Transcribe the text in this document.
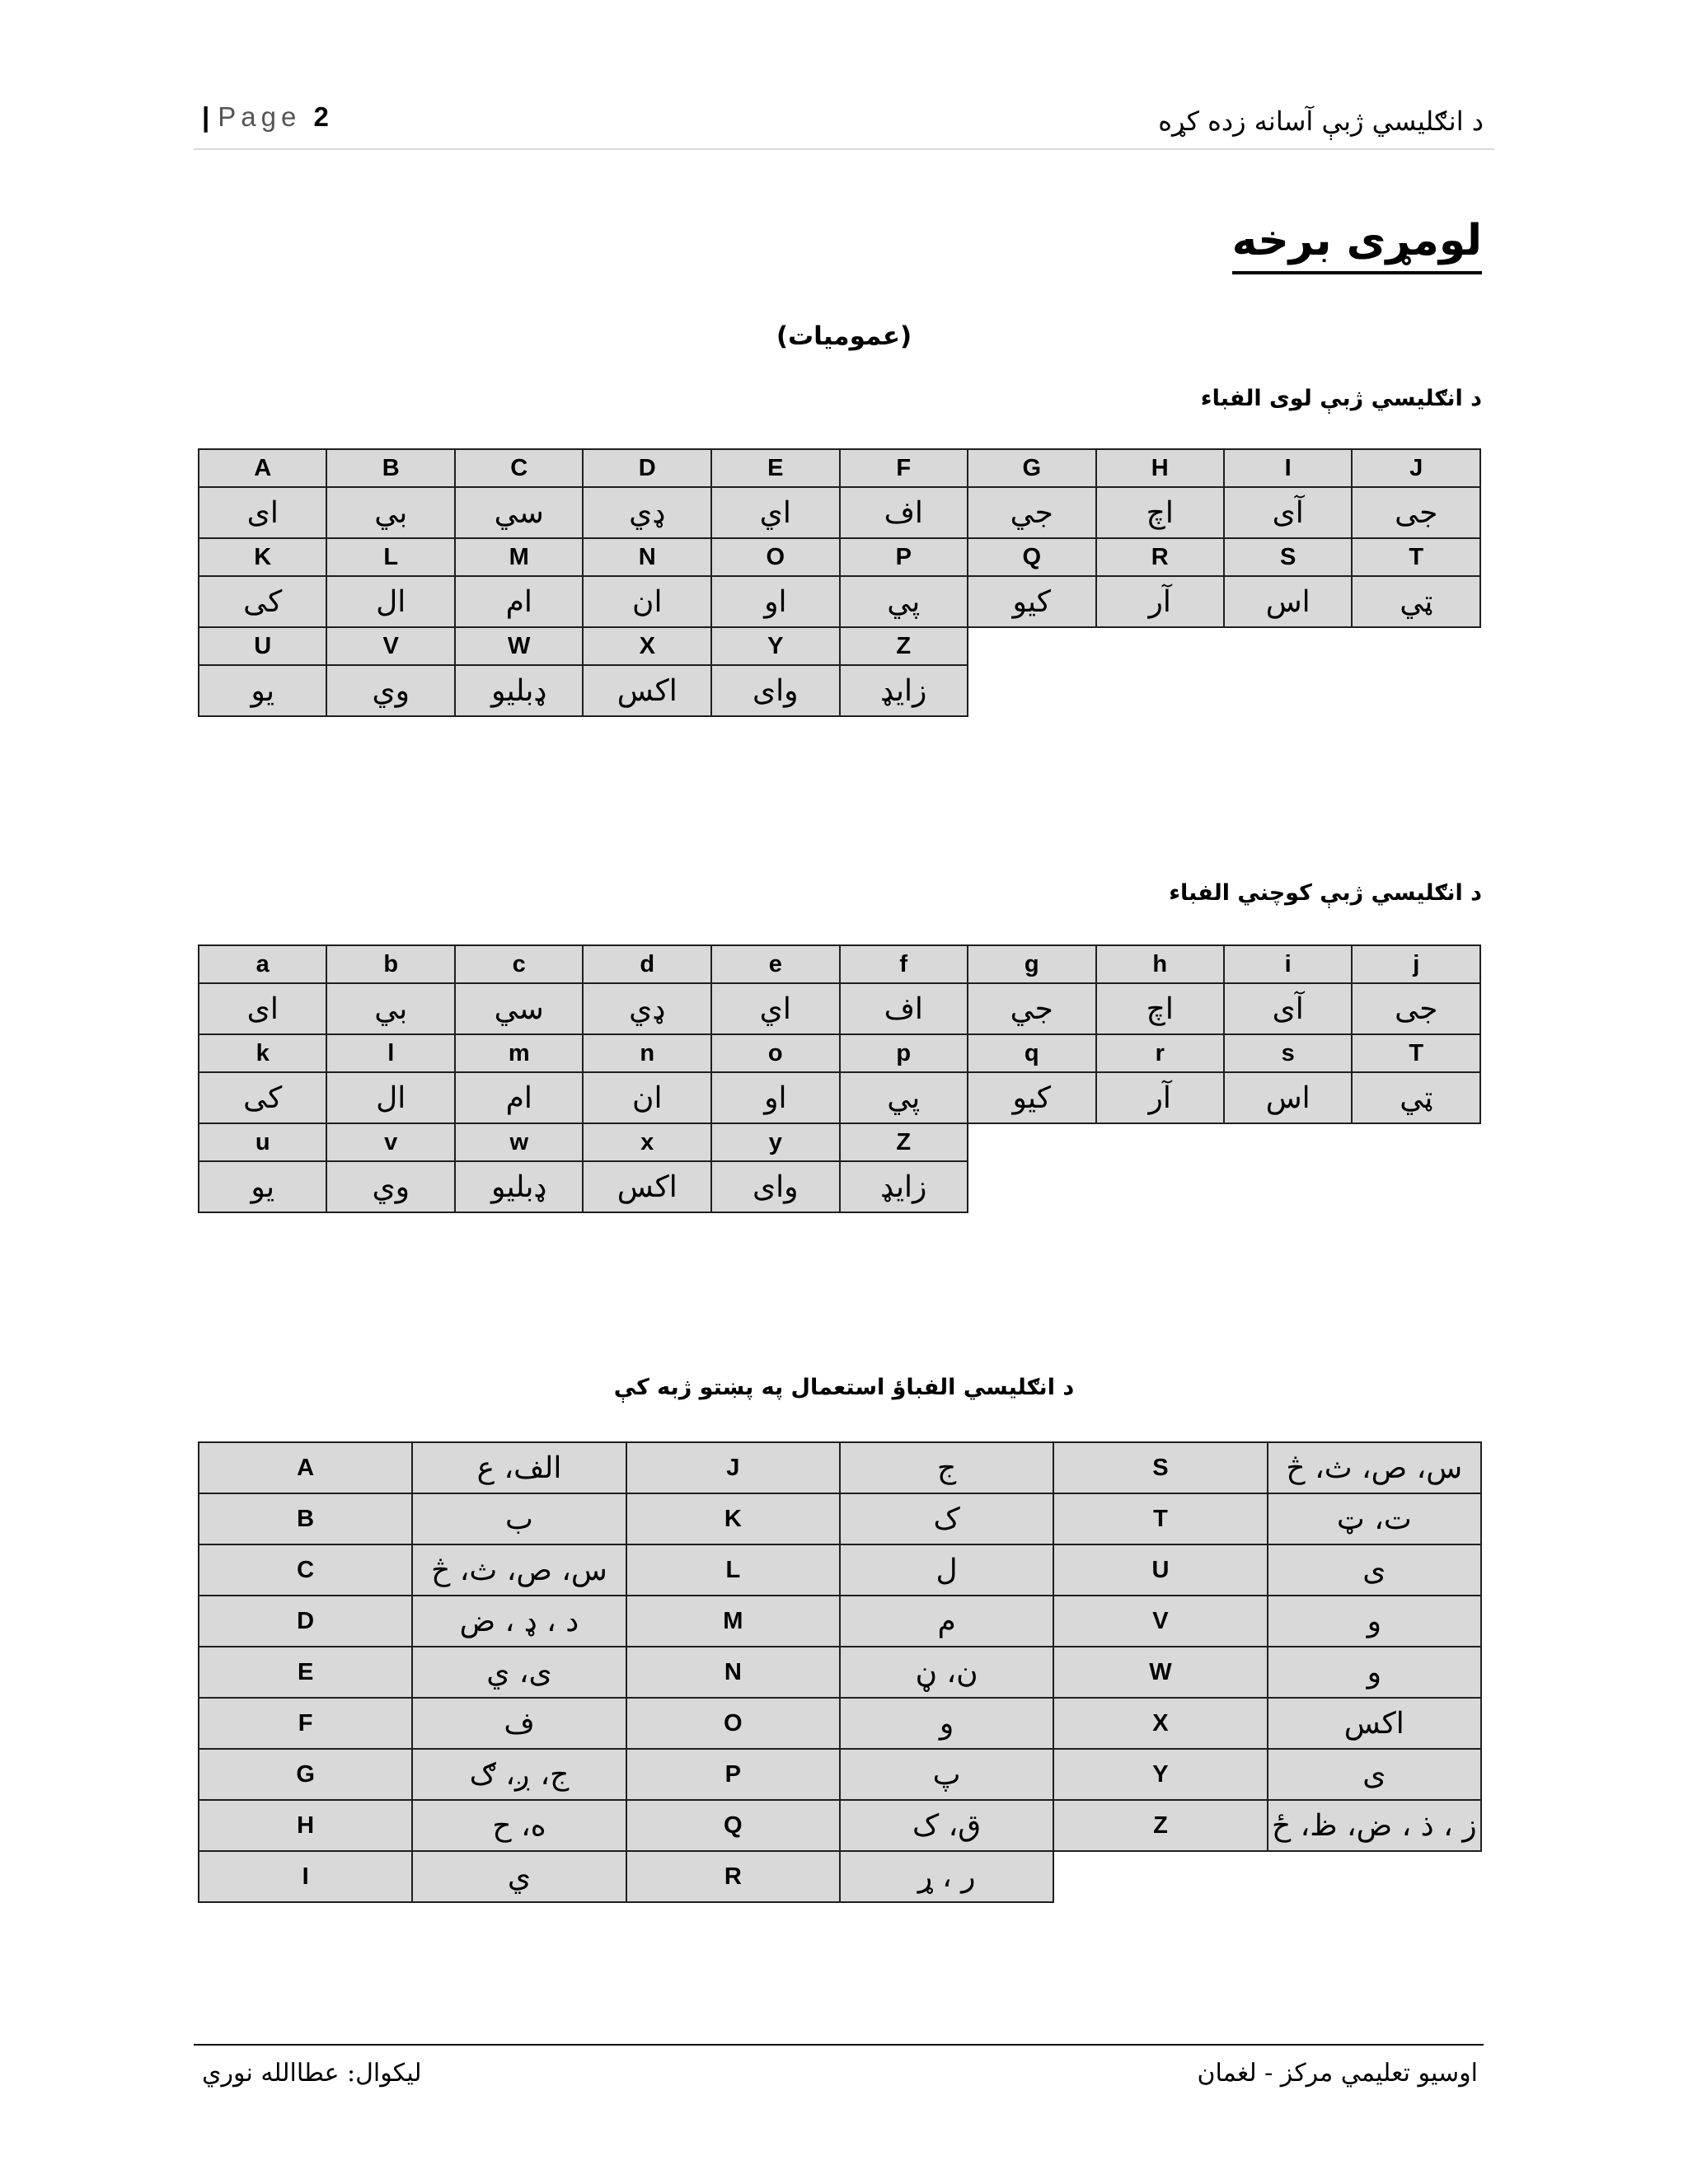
| Page 2	د انګلیسي ژبې آسانه زده کړه
لومړی برخه
(عمومیات)
د انګلیسي ژبې لوی الفباء
A	B	C	D	E	F	G	H	I	J
ای	بي	سي	ډي	اي	اف	جي	اچ	آی	جی
K	L	M	N	O	P	Q	R	S	T
کی	ال	ام	ان	او	پي	کیو	آر	اس	ټي
U	V	W	X	Y	Z				
یو	وي	ډبلیو	اکس	وای	زایډ				
د انګلیسي ژبې کوچني الفباء
a	b	c	d	e	f	g	h	i	j
ای	بي	سي	ډي	اي	اف	جي	اچ	آی	جی
k	l	m	n	o	p	q	r	s	T
کی	ال	ام	ان	او	پي	کیو	آر	اس	ټي
u	v	w	x	y	Z				
یو	وي	ډبلیو	اکس	وای	زایډ				
د انګلیسي الفباؤ استعمال په پښتو ژبه کې
A	الف، ع	J	ج	S	س، ص، ث، څ
B	ب	K	ک	T	ت، ټ
C	س، ص، ث، څ	L	ل	U	ی
D	د ، ډ ، ض	M	م	V	و
E	ی، ي	N	ن، ڼ	W	و
F	ف	O	و	X	اکس
G	ج، ږ، ګ	P	پ	Y	ی
H	ه، ح	Q	ق، ک	Z	ز ، ذ ، ض، ظ، ځ
I	ي	R	ر ، ړ		
لیکوال: عطاالله نوري	اوسیو تعلیمي مرکز - لغمان
